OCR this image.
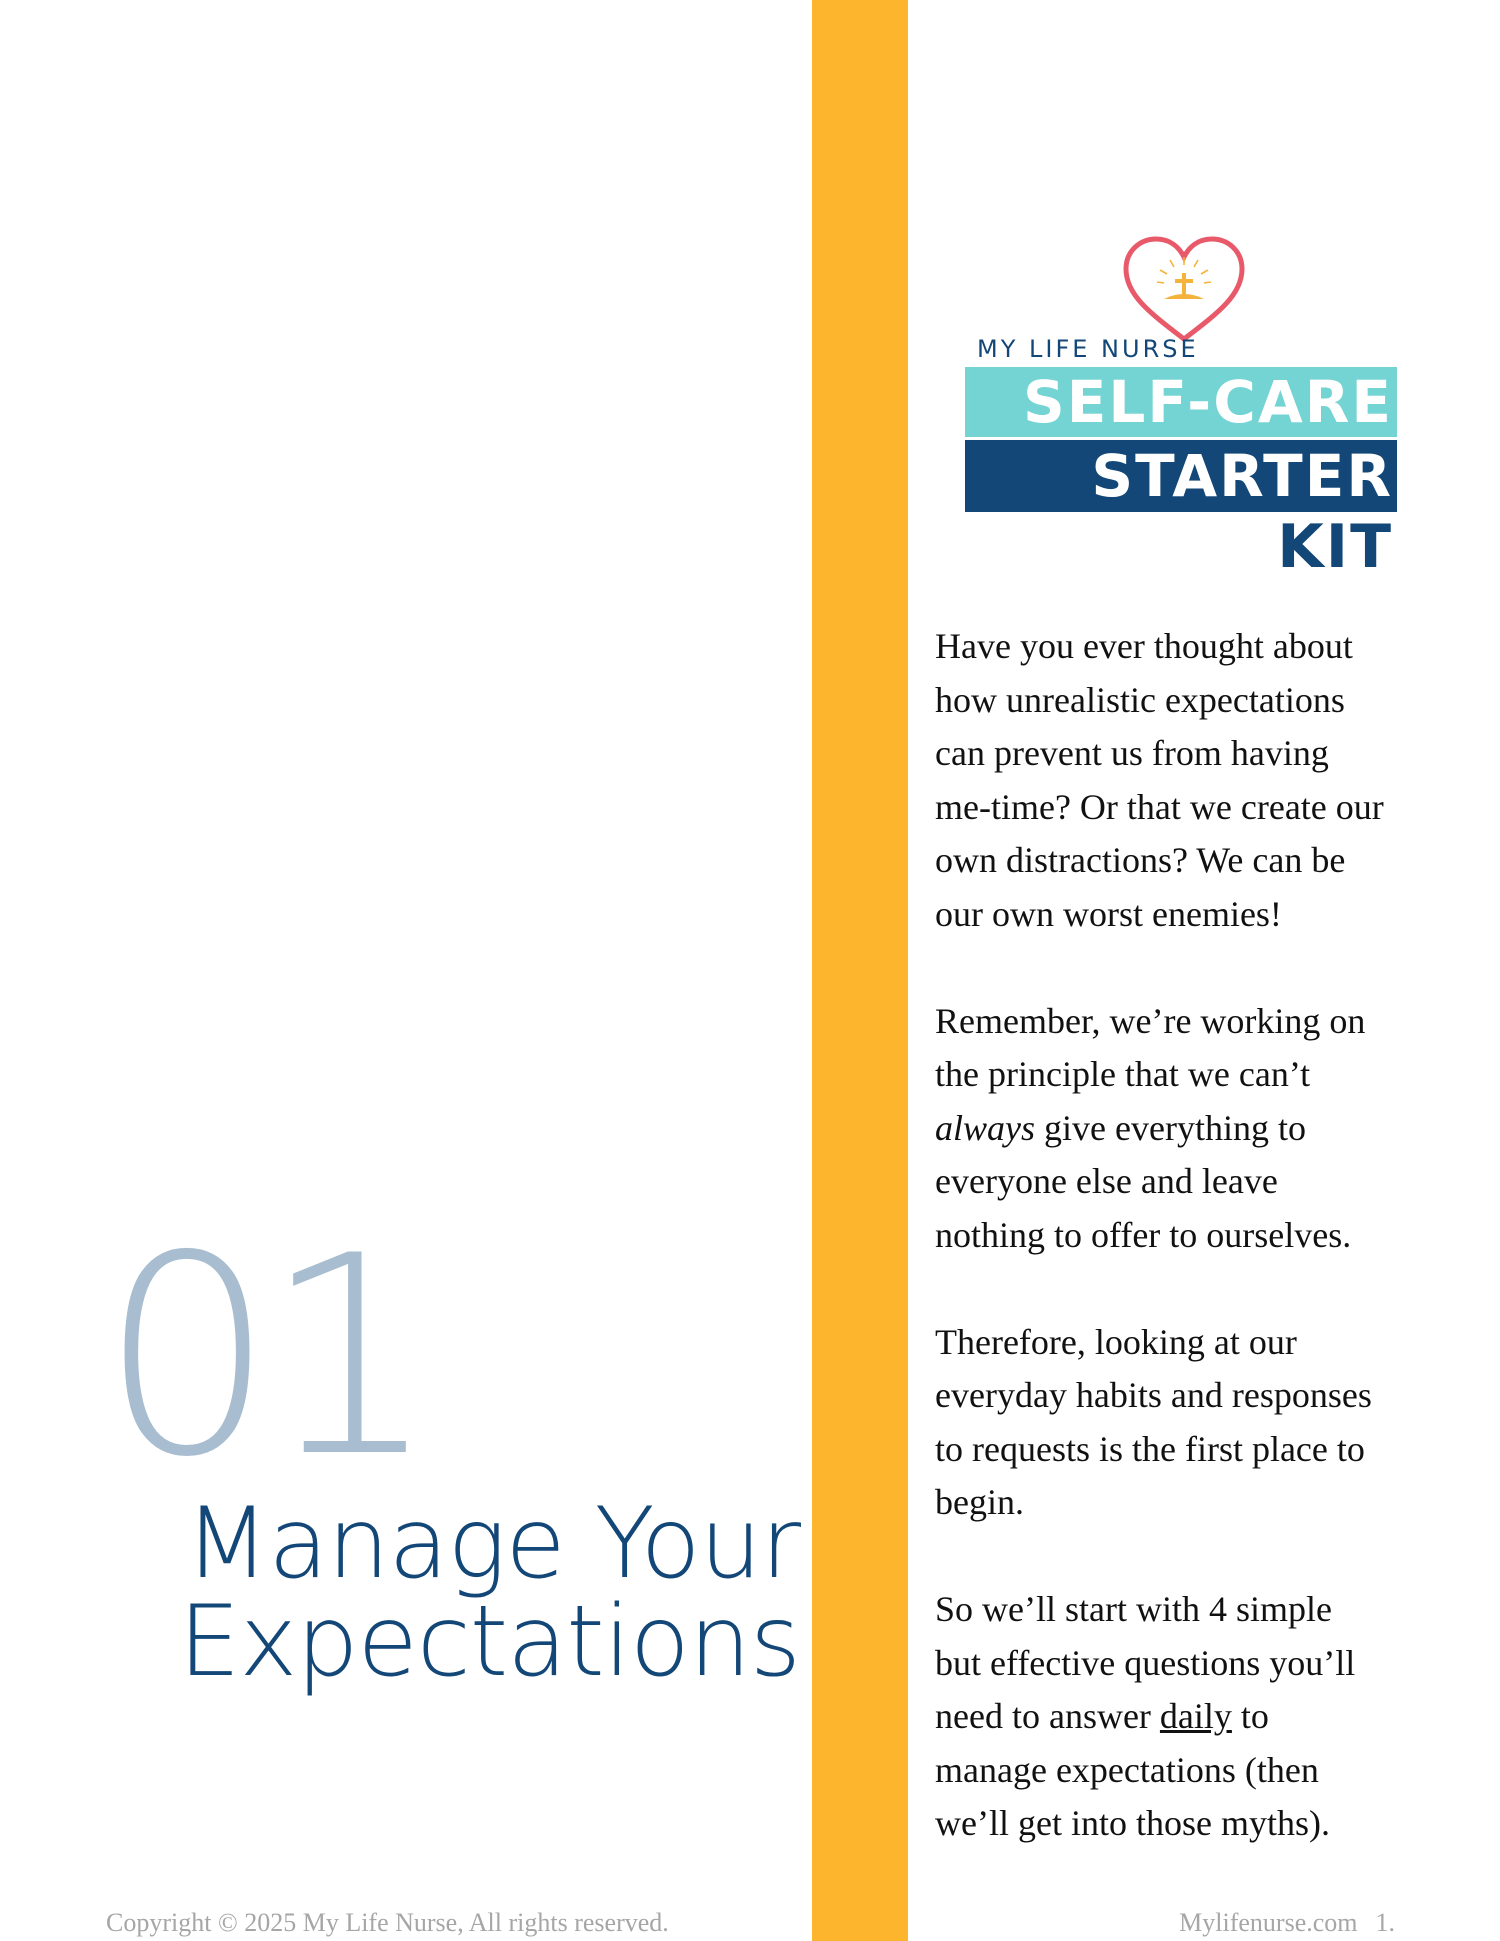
MY LIFE NURSE
SELF-CARE
STARTER
KIT
01
Manage Your
Expectations

Have you ever thought about
how unrealistic expectations
can prevent us from having
me-time? Or that we create our
own distractions? We can be
our own worst enemies!

Remember, we’re working on
the principle that we can’t
always give everything to
everyone else and leave
nothing to offer to ourselves.

Therefore, looking at our
everyday habits and responses
to requests is the first place to
begin.

So we’ll start with 4 simple
but effective questions you’ll
need to answer daily to
manage expectations (then
we’ll get into those myths).

Copyright © 2025 My Life Nurse, All rights reserved.	Mylifenurse.com 1.
